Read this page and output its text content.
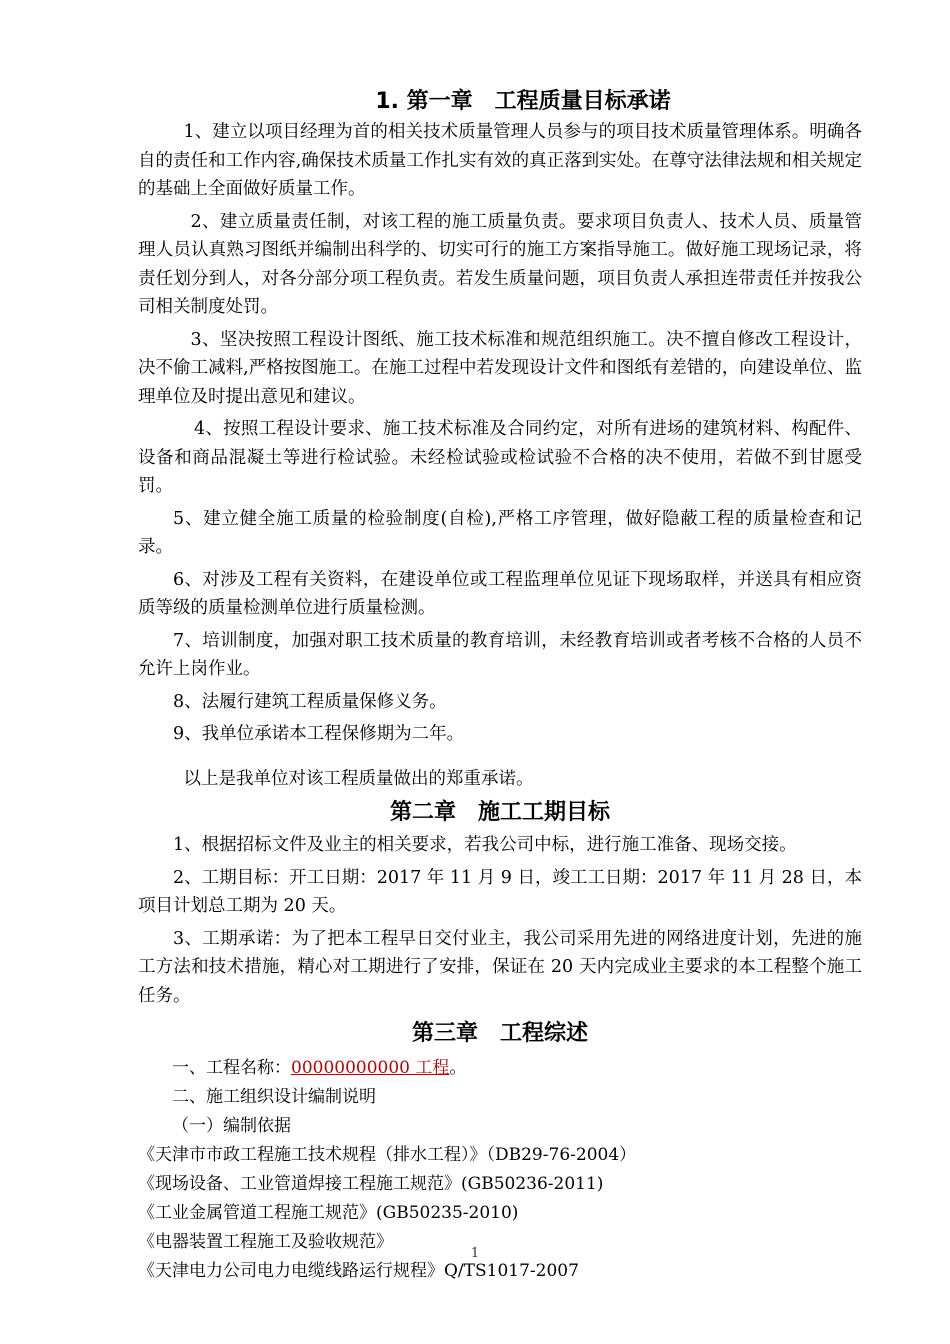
1. 第一章　工程质量目标承诺

1、建立以项目经理为首的相关技术质量管理人员参与的项目技术质量管理体系。明确各自的责任和工作内容,确保技术质量工作扎实有效的真正落到实处。在尊守法律法规和相关规定的基础上全面做好质量工作。

2、建立质量责任制，对该工程的施工质量负责。要求项目负责人、技术人员、质量管理人员认真熟习图纸并编制出科学的、切实可行的施工方案指导施工。做好施工现场记录，将责任划分到人，对各分部分项工程负责。若发生质量问题，项目负责人承担连带责任并按我公司相关制度处罚。

3、坚决按照工程设计图纸、施工技术标准和规范组织施工。决不擅自修改工程设计，决不偷工减料,严格按图施工。在施工过程中若发现设计文件和图纸有差错的，向建设单位、监理单位及时提出意见和建议。

4、按照工程设计要求、施工技术标准及合同约定，对所有进场的建筑材料、构配件、设备和商品混凝土等进行检试验。未经检试验或检试验不合格的决不使用，若做不到甘愿受罚。

5、建立健全施工质量的检验制度(自检),严格工序管理，做好隐蔽工程的质量检查和记录。

6、对涉及工程有关资料，在建设单位或工程监理单位见证下现场取样，并送具有相应资质等级的质量检测单位进行质量检测。

7、培训制度，加强对职工技术质量的教育培训，未经教育培训或者考核不合格的人员不允许上岗作业。

8、法履行建筑工程质量保修义务。

9、我单位承诺本工程保修期为二年。

以上是我单位对该工程质量做出的郑重承诺。

第二章　施工工期目标

1、根据招标文件及业主的相关要求，若我公司中标，进行施工准备、现场交接。

2、工期目标：开工日期：2017 年 11 月 9 日，竣工工日期：2017 年 11 月 28 日，本项目计划总工期为 20 天。

3、工期承诺：为了把本工程早日交付业主，我公司采用先进的网络进度计划，先进的施工方法和技术措施，精心对工期进行了安排，保证在 20 天内完成业主要求的本工程整个施工任务。

第三章　工程综述

一、工程名称：00000000000 工程。

二、施工组织设计编制说明

（一）编制依据

《天津市市政工程施工技术规程（排水工程）》（DB29-76-2004）

《现场设备、工业管道焊接工程施工规范》(GB50236-2011)

《工业金属管道工程施工规范》(GB50235-2010)

《电器装置工程施工及验收规范》

《天津电力公司电力电缆线路运行规程》Q/TS1017-2007

1
